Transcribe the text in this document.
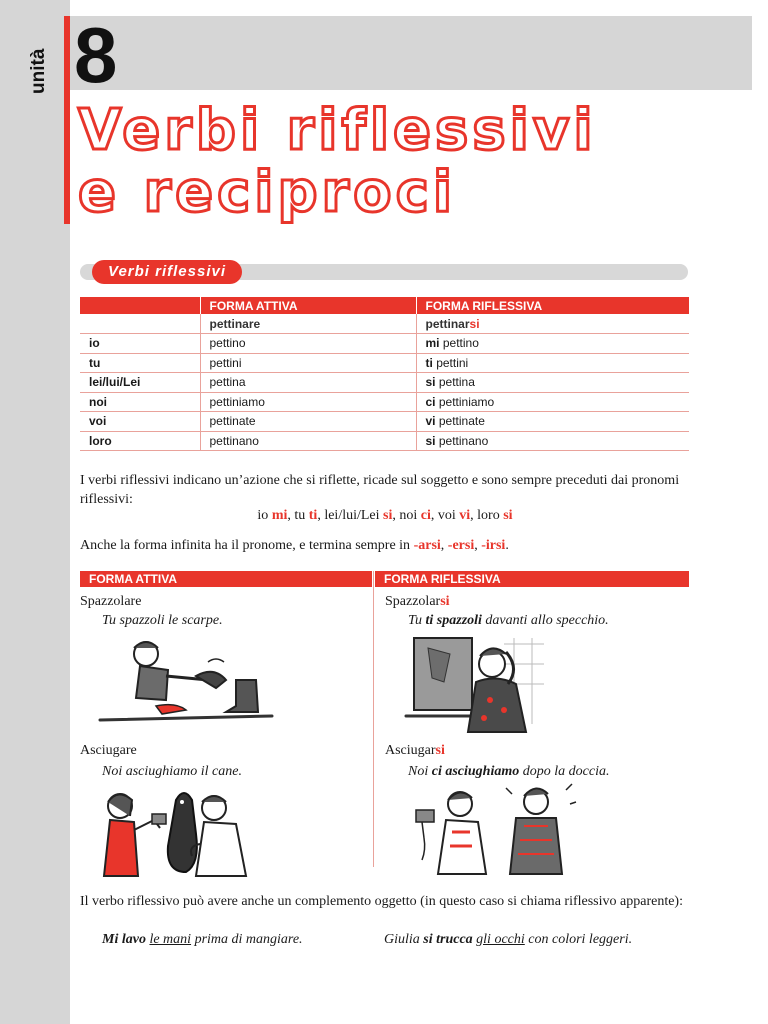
unità 8
Verbi riflessivi
e reciproci
Verbi riflessivi
	FORMA ATTIVA	FORMA RIFLESSIVA
	pettinare	pettinarsi
io	pettino	mi pettino
tu	pettini	ti pettini
lei/lui/Lei	pettina	si pettina
noi	pettiniamo	ci pettiniamo
voi	pettinate	vi pettinate
loro	pettinano	si pettinano

I verbi riflessivi indicano un’azione che si riflette, ricade sul soggetto e sono sempre preceduti dai pronomi riflessivi:

io mi, tu ti, lei/lui/Lei si, noi ci, voi vi, loro si

Anche la forma infinita ha il pronome, e termina sempre in -arsi, -ersi, -irsi.

FORMA ATTIVA	FORMA RIFLESSIVA
Spazzolare
Tu spazzoli le scarpe.
Spazzolarsi
Tu ti spazzoli davanti allo specchio.
Asciugare
Noi asciughiamo il cane.
Asciugarsi
Noi ci asciughiamo dopo la doccia.

Il verbo riflessivo può avere anche un complemento oggetto (in questo caso si chiama riflessivo apparente):

Mi lavo le mani prima di mangiare.	Giulia si trucca gli occhi con colori leggeri.
